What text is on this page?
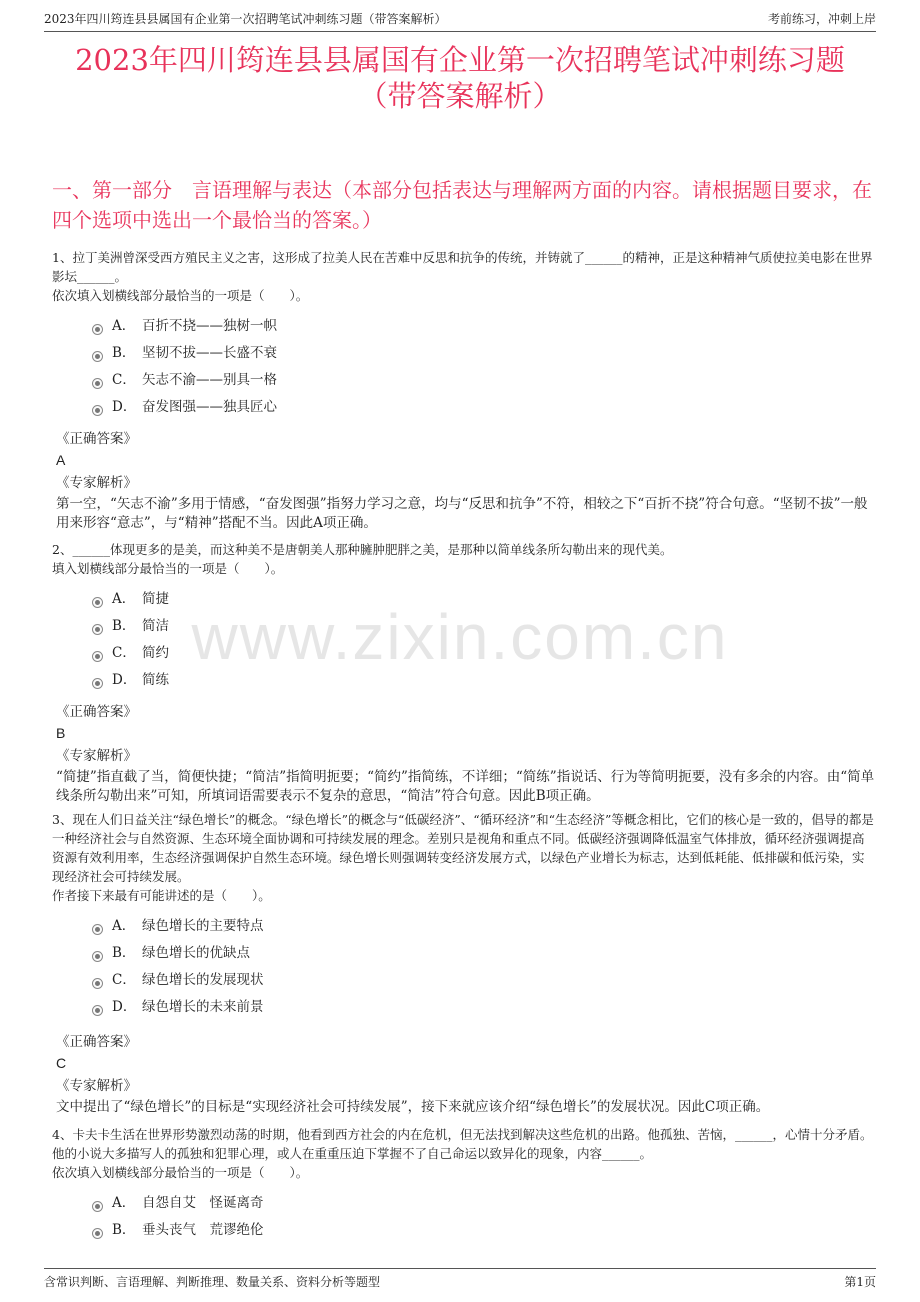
2023年四川筠连县县属国有企业第一次招聘笔试冲刺练习题（带答案解析）	考前练习，冲刺上岸
2023年四川筠连县县属国有企业第一次招聘笔试冲刺练习题
（带答案解析）
一、第一部分　言语理解与表达（本部分包括表达与理解两方面的内容。请根据题目要求，在四个选项中选出一个最恰当的答案。）
www.zixin.com.cn

1、拉丁美洲曾深受西方殖民主义之害，这形成了拉美人民在苦难中反思和抗争的传统，并铸就了______的精神，正是这种精神气质使拉美电影在世界影坛______。

依次填入划横线部分最恰当的一项是（　　）。

A． 百折不挠——独树一帜
B． 坚韧不拔——长盛不衰
C． 矢志不渝——别具一格
D． 奋发图强——独具匠心
《正确答案》
A
《专家解析》
第一空，“矢志不渝”多用于情感，“奋发图强”指努力学习之意，均与“反思和抗争”不符，相较之下“百折不挠”符合句意。“坚韧不拔”一般用来形容“意志”，与“精神”搭配不当。因此A项正确。

2、______体现更多的是美，而这种美不是唐朝美人那种臃肿肥胖之美，是那种以简单线条所勾勒出来的现代美。

填入划横线部分最恰当的一项是（　　）。

A． 简捷
B． 简洁
C． 简约
D． 简练
《正确答案》
B
《专家解析》
“简捷”指直截了当，简便快捷；“简洁”指简明扼要；“简约”指简练，不详细；“简练”指说话、行为等简明扼要，没有多余的内容。由“简单线条所勾勒出来”可知，所填词语需要表示不复杂的意思，“简洁”符合句意。因此B项正确。

3、现在人们日益关注“绿色增长”的概念。“绿色增长”的概念与“低碳经济”、“循环经济”和“生态经济”等概念相比，它们的核心是一致的，倡导的都是一种经济社会与自然资源、生态环境全面协调和可持续发展的理念。差别只是视角和重点不同。低碳经济强调降低温室气体排放，循环经济强调提高资源有效利用率，生态经济强调保护自然生态环境。绿色增长则强调转变经济发展方式，以绿色产业增长为标志，达到低耗能、低排碳和低污染，实现经济社会可持续发展。

作者接下来最有可能讲述的是（　　）。

A． 绿色增长的主要特点
B． 绿色增长的优缺点
C． 绿色增长的发展现状
D． 绿色增长的未来前景
《正确答案》
C
《专家解析》
文中提出了“绿色增长”的目标是“实现经济社会可持续发展”，接下来就应该介绍“绿色增长”的发展状况。因此C项正确。

4、卡夫卡生活在世界形势激烈动荡的时期，他看到西方社会的内在危机，但无法找到解决这些危机的出路。他孤独、苦恼，______，心情十分矛盾。他的小说大多描写人的孤独和犯罪心理，或人在重重压迫下掌握不了自己命运以致异化的现象，内容______。

依次填入划横线部分最恰当的一项是（　　）。

A． 自怨自艾　怪诞离奇
B． 垂头丧气　荒谬绝伦
含常识判断、言语理解、判断推理、数量关系、资料分析等题型	第1页
